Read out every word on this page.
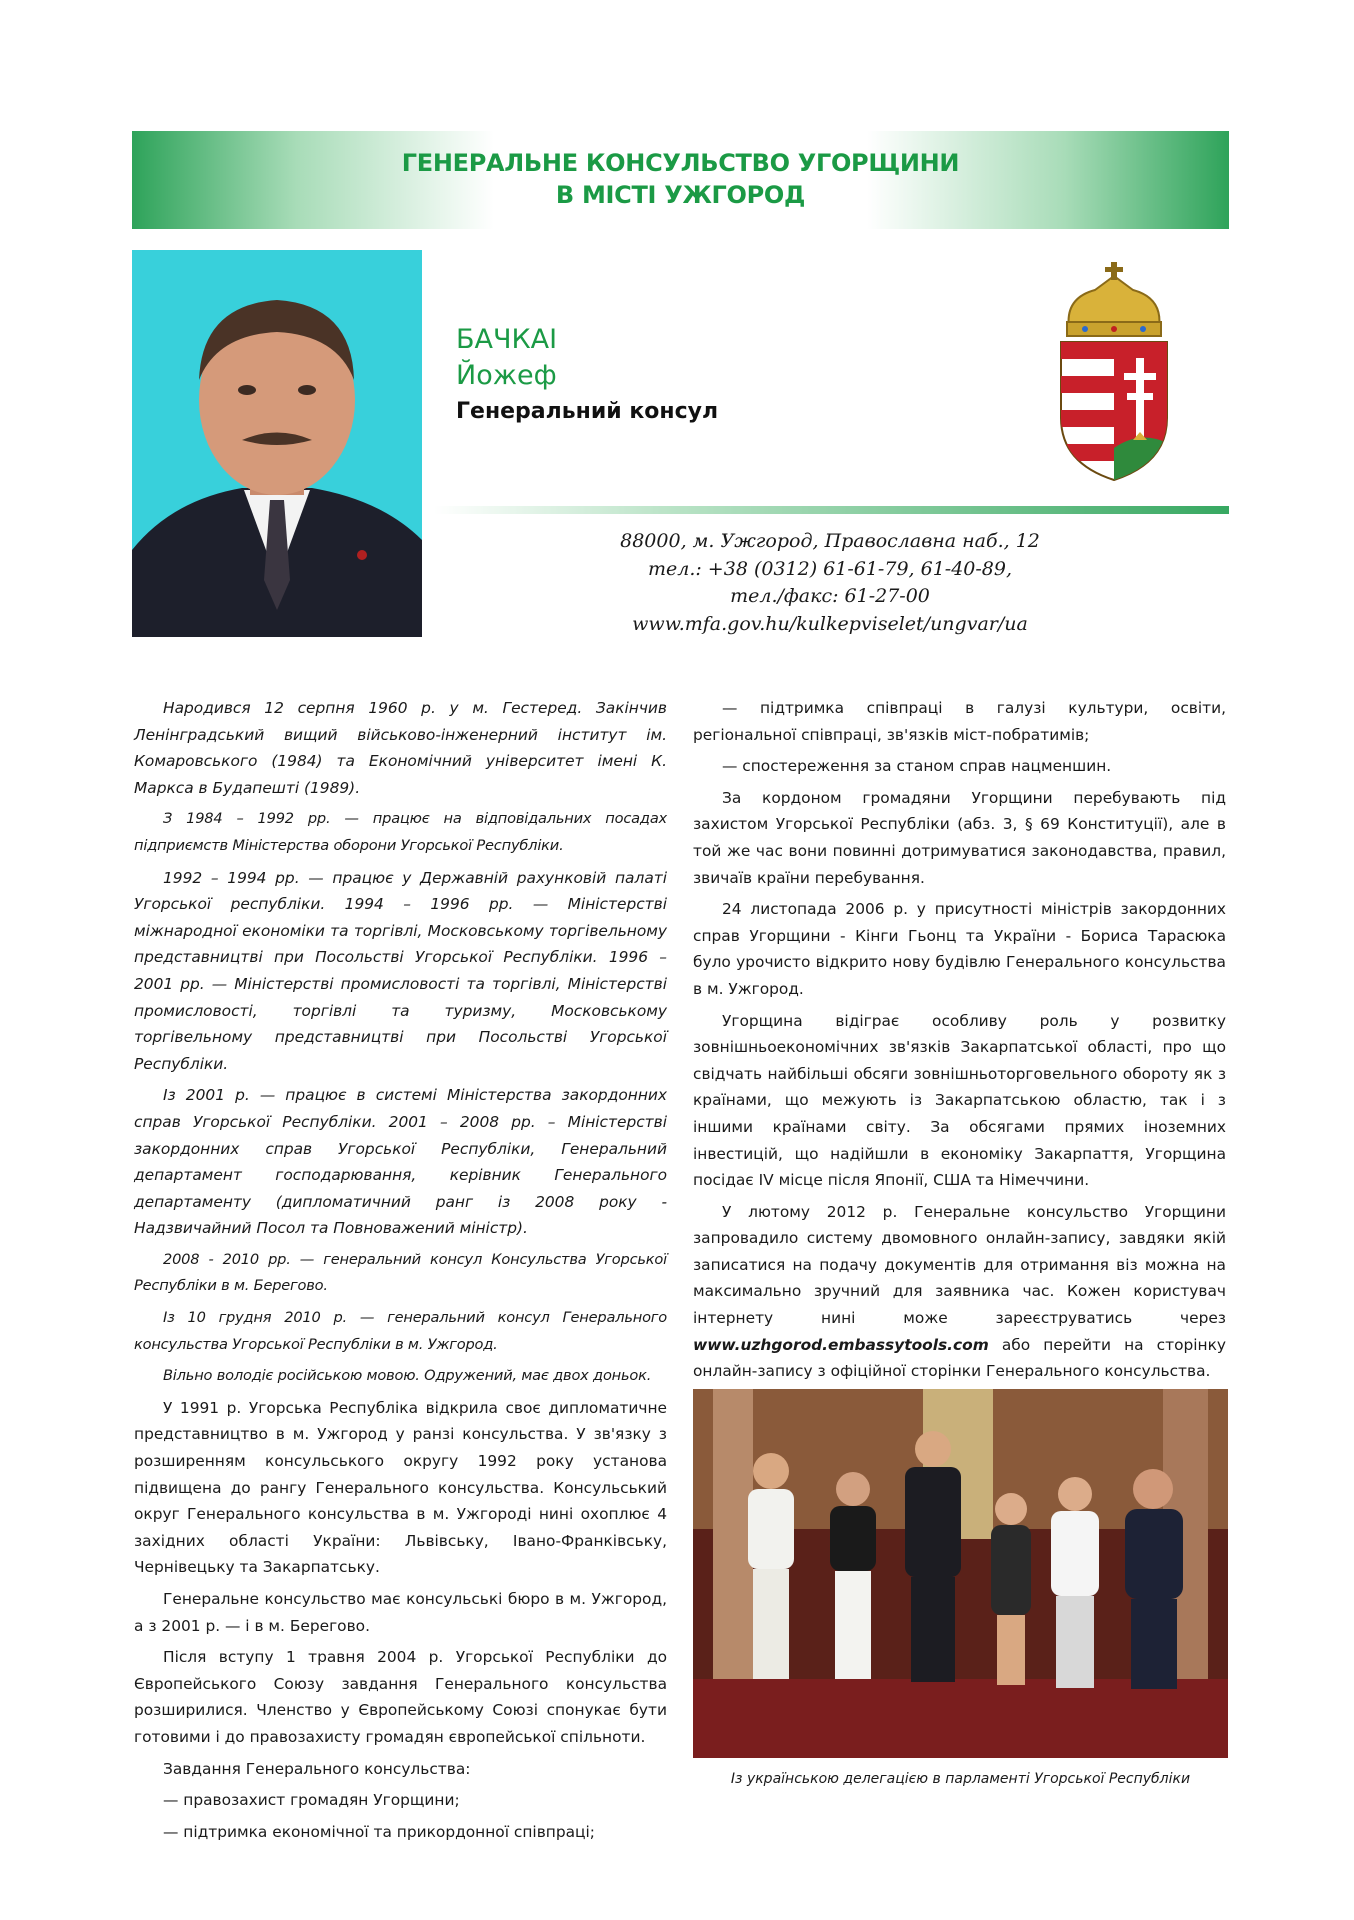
ГЕНЕРАЛЬНЕ КОНСУЛЬСТВО УГОРЩИНИ
В МІСТІ УЖГОРОД
БАЧКАІ
Йожеф
Генеральний консул
88000, м. Ужгород, Православна наб., 12
тел.: +38 (0312) 61-61-79, 61-40-89,
тел./факс: 61-27-00
www.mfa.gov.hu/kulkepviselet/ungvar/ua

Народився 12 серпня 1960 р. у м. Гестеред. Закінчив Ленінградський вищий військово-інженерний інститут ім. Комаровського (1984) та Економічний університет імені К. Маркса в Будапешті (1989).

З 1984 – 1992 рр. — працює на відповідальних посадах підприємств Міністерства оборони Угорської Республіки.

1992 – 1994 рр. — працює у Державній рахунковій палаті Угорської республіки. 1994 – 1996 рр. — Міністерстві міжнародної економіки та торгівлі, Московському торгівельному представництві при Посольстві Угорської Республіки. 1996 – 2001 рр. — Міністерстві промисловості та торгівлі, Міністерстві промисловості, торгівлі та туризму, Московському торгівельному представництві при Посольстві Угорської Республіки.

Із 2001 р. — працює в системі Міністерства закордонних справ Угорської Республіки. 2001 – 2008 рр. – Міністерстві закордонних справ Угорської Республіки, Генеральний департамент господарювання, керівник Генерального департаменту (дипломатичний ранг із 2008 року - Надзвичайний Посол та Повноважений міністр).

2008 - 2010 рр. — генеральний консул Консульства Угорської Республіки в м. Берегово.

Із 10 грудня 2010 р. — генеральний консул Генерального консульства Угорської Республіки в м. Ужгород.

Вільно володіє російською мовою. Одружений, має двох доньок.

У 1991 р. Угорська Республіка відкрила своє дипломатичне представництво в м. Ужгород у ранзі консульства. У зв'язку з розширенням консульського округу 1992 року установа підвищена до рангу Генерального консульства. Консульський округ Генерального консульства в м. Ужгороді нині охоплює 4 західних області України: Львівську, Івано-Франківську, Чернівецьку та Закарпатську.

Генеральне консульство має консульські бюро в м. Ужгород, а з 2001 р. — і в м. Берегово.

Після вступу 1 травня 2004 р. Угорської Республіки до Європейського Союзу завдання Генерального консульства розширилися. Членство у Європейському Союзі спонукає бути готовими і до правозахисту громадян європейської спільноти.

Завдання Генерального консульства:

— правозахист громадян Угорщини;

— підтримка економічної та прикордонної співпраці;

— підтримка співпраці в галузі культури, освіти, регіональної співпраці, зв'язків міст-побратимів;

— спостереження за станом справ нацменшин.

За кордоном громадяни Угорщини перебувають під захистом Угорської Республіки (абз. 3, § 69 Конституції), але в той же час вони повинні дотримуватися законодавства, правил, звичаїв країни перебування.

24 листопада 2006 р. у присутності міністрів закордонних справ Угорщини - Кінги Гьонц та України - Бориса Тарасюка було урочисто відкрито нову будівлю Генерального консульства в м. Ужгород.

Угорщина відіграє особливу роль у розвитку зовнішньоекономічних зв'язків Закарпатської області, про що свідчать найбільші обсяги зовнішньоторговельного обороту як з країнами, що межують із Закарпатською областю, так і з іншими країнами світу. За обсягами прямих іноземних інвестицій, що надійшли в економіку Закарпаття, Угорщина посідає IV місце після Японії, США та Німеччини.

У лютому 2012 р. Генеральне консульство Угорщини запровадило систему двомовного онлайн-запису, завдяки якій записатися на подачу документів для отримання віз можна на максимально зручний для заявника час. Кожен користувач інтернету нині може зареєструватись через www.uzhgorod.embassytools.com або перейти на сторінку онлайн-запису з офіційної сторінки Генерального консульства.

Із українською делегацією в парламенті Угорської Республіки
